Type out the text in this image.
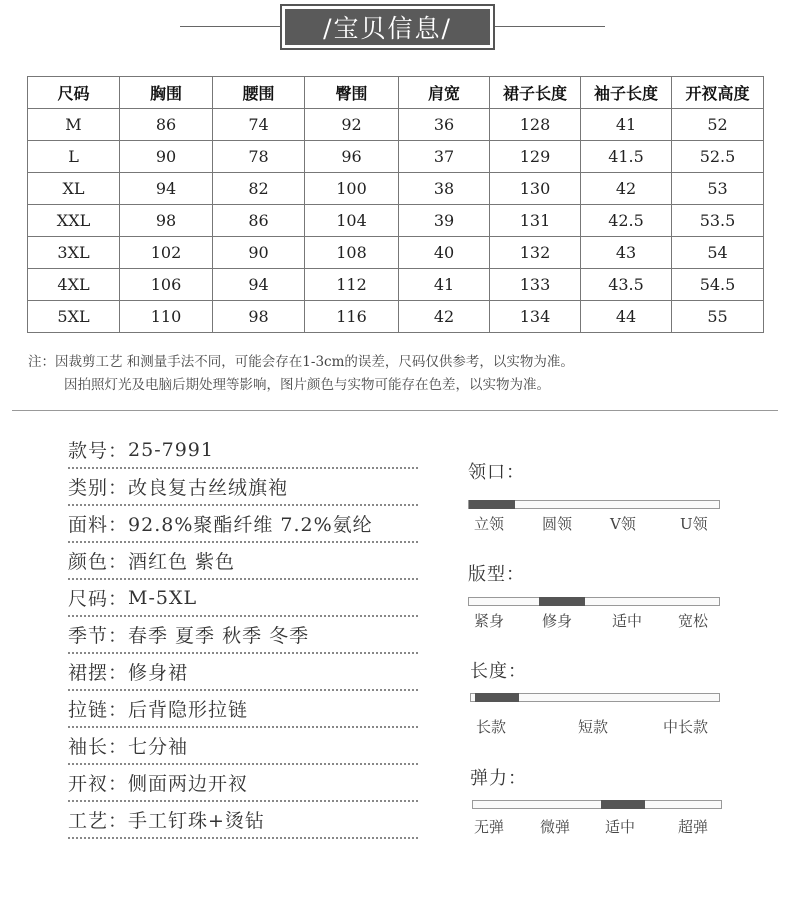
/宝贝信息/
尺码	胸围	腰围	臀围	肩宽	裙子长度	袖子长度	开衩高度
M	86	74	92	36	128	41	52
L	90	78	96	37	129	41.5	52.5
XL	94	82	100	38	130	42	53
XXL	98	86	104	39	131	42.5	53.5
3XL	102	90	108	40	132	43	54
4XL	106	94	112	41	133	43.5	54.5
5XL	110	98	116	42	134	44	55
注：因裁剪工艺 和测量手法不同，可能会存在1-3cm的误差，尺码仅供参考，以实物为准。
因拍照灯光及电脑后期处理等影响，图片颜色与实物可能存在色差，以实物为准。
款号： 25-7991
类别： 改良复古丝绒旗袍
面料： 92.8%聚酯纤维 7.2%氨纶
颜色： 酒红色 紫色
尺码： M-5XL
季节： 春季 夏季 秋季 冬季
裙摆： 修身裙
拉链： 后背隐形拉链
袖长： 七分袖
开衩： 侧面两边开衩
工艺： 手工钉珠+烫钻
领口：
立领	圆领	V领	U领
版型：
紧身	修身	适中 宽松
长度：
长款	短款	中长款
弹力：
无弹 微弹 适中	超弹
